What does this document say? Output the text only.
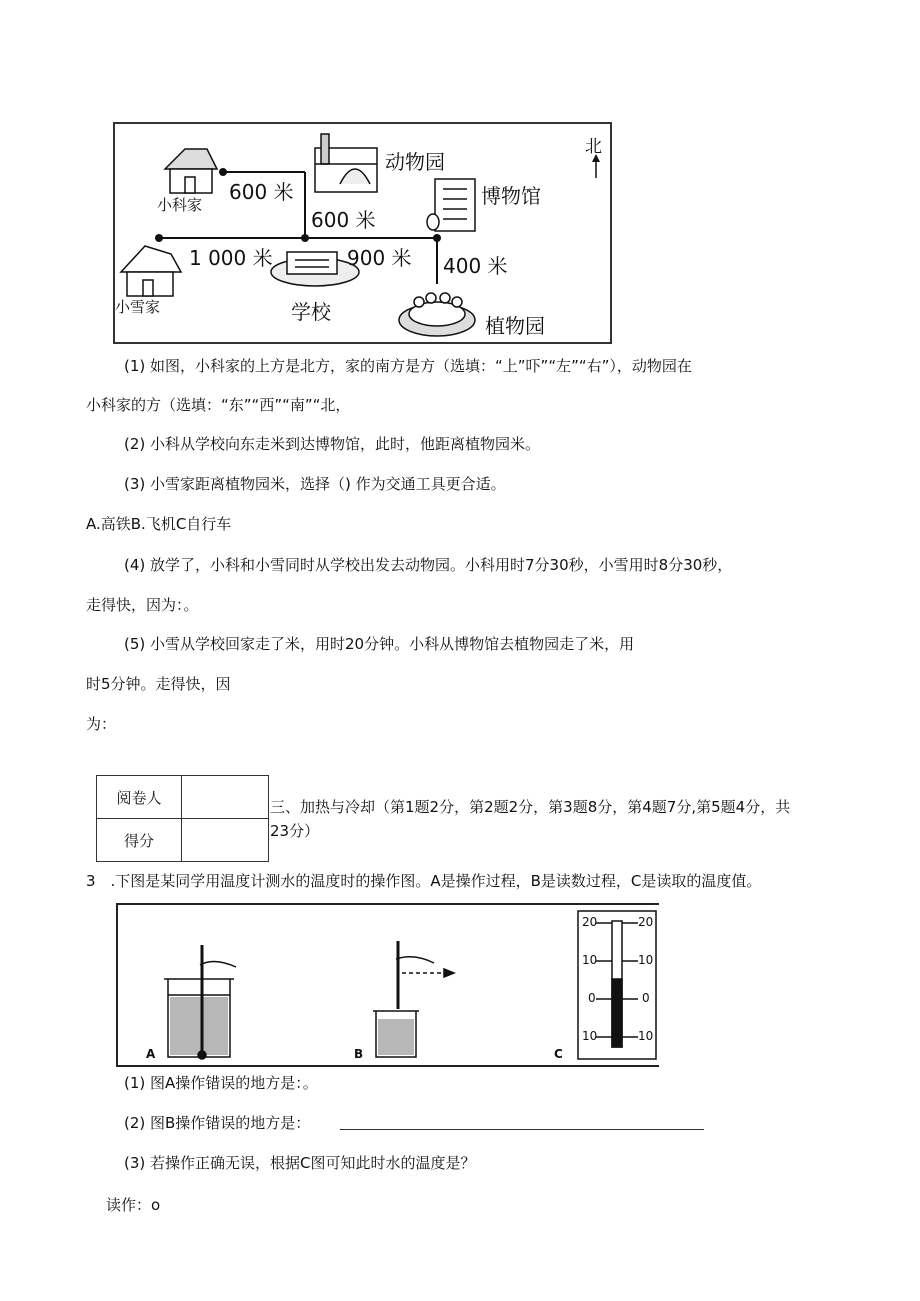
北
小科家
小雪家
动物园
博物馆
学校
植物园
600 米
600 米
1 000 米	900 米 400 米
(1) 如图，小科家的上方是北方，家的南方是方（选填：“上”吓”“左”“右”），动物园在
小科家的方（选填：“东”“西”“南”“北，
(2) 小科从学校向东走米到达博物馆，此时，他距离植物园米。
(3) 小雪家距离植物园米，选择（) 作为交通工具更合适。
A.高铁B.飞机C自行车
(4) 放学了，小科和小雪同时从学校出发去动物园。小科用时7分30秒，小雪用时8分30秒，
走得快，因为：。
(5) 小雪从学校回家走了米，用时20分钟。小科从博物馆去植物园走了米，用
时5分钟。走得快，因
为：
阅卷人	
得分	
三、加热与冷却（第1题2分，第2题2分，第3题8分，第4题7分,第5题4分，共
23分）
3　.下图是某同学用温度计测水的温度时的操作图。A是操作过程，B是读数过程，C是读取的温度值。
A	B	C
20	20
10	10
0	0
10	10
(1) 图A操作错误的地方是：。
(2) 图B操作错误的地方是：
(3) 若操作正确无误，根据C图可知此时水的温度是？
读作：o
